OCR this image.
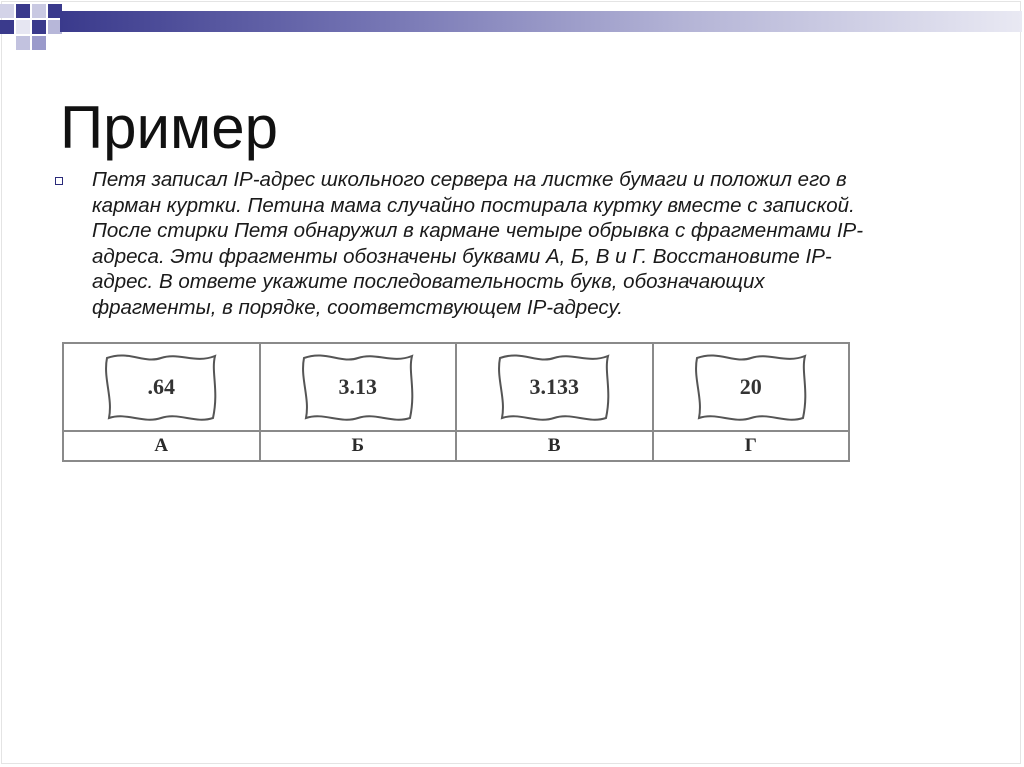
Пример

Петя записал IP-адрес школьного сервера на листке бумаги и положил его в
карман куртки. Петина мама случайно постирала куртку вместе с запиской.
После стирки Петя обнаружил в кармане четыре обрывка с фрагментами IP-
адреса. Эти фрагменты обозначены буквами А, Б, В и Г. Восстановите IP-
адрес. В ответе укажите последовательность букв, обозначающих
фрагменты, в порядке, соответствующем IP-адресу.

.64	3.13	3.133	20

А	Б	В	Г
